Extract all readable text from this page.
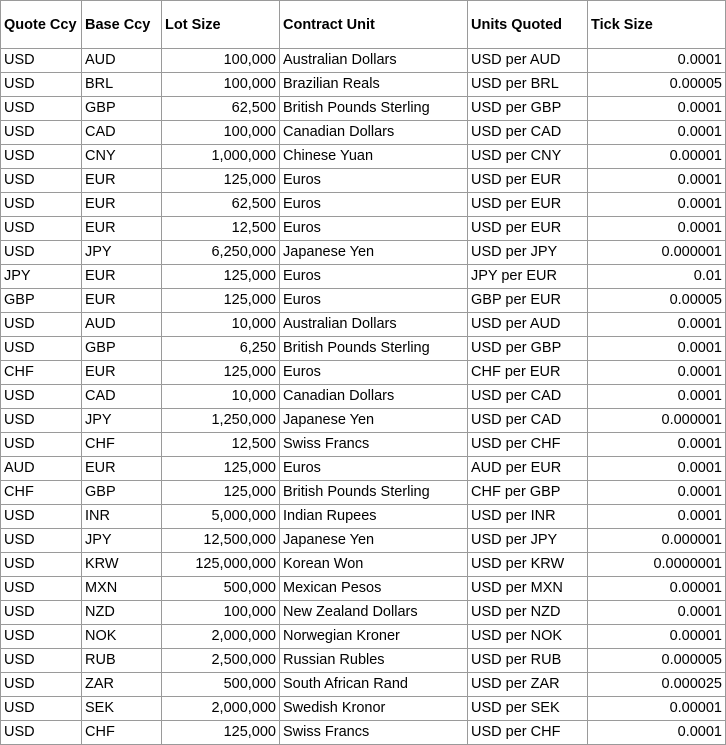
Quote Ccy	Base Ccy	Lot Size	Contract Unit	Units Quoted	Tick Size
USD	AUD	100,000	Australian Dollars	USD per AUD	0.0001
USD	BRL	100,000	Brazilian Reals	USD per BRL	0.00005
USD	GBP	62,500	British Pounds Sterling	USD per GBP	0.0001
USD	CAD	100,000	Canadian Dollars	USD per CAD	0.0001
USD	CNY	1,000,000	Chinese Yuan	USD per CNY	0.00001
USD	EUR	125,000	Euros	USD per EUR	0.0001
USD	EUR	62,500	Euros	USD per EUR	0.0001
USD	EUR	12,500	Euros	USD per EUR	0.0001
USD	JPY	6,250,000	Japanese Yen	USD per JPY	0.000001
JPY	EUR	125,000	Euros	JPY per EUR	0.01
GBP	EUR	125,000	Euros	GBP per EUR	0.00005
USD	AUD	10,000	Australian Dollars	USD per AUD	0.0001
USD	GBP	6,250	British Pounds Sterling	USD per GBP	0.0001
CHF	EUR	125,000	Euros	CHF per EUR	0.0001
USD	CAD	10,000	Canadian Dollars	USD per CAD	0.0001
USD	JPY	1,250,000	Japanese Yen	USD per CAD	0.000001
USD	CHF	12,500	Swiss Francs	USD per CHF	0.0001
AUD	EUR	125,000	Euros	AUD per EUR	0.0001
CHF	GBP	125,000	British Pounds Sterling	CHF per GBP	0.0001
USD	INR	5,000,000	Indian Rupees	USD per INR	0.0001
USD	JPY	12,500,000	Japanese Yen	USD per JPY	0.000001
USD	KRW	125,000,000	Korean Won	USD per KRW	0.0000001
USD	MXN	500,000	Mexican Pesos	USD per MXN	0.00001
USD	NZD	100,000	New Zealand Dollars	USD per NZD	0.0001
USD	NOK	2,000,000	Norwegian Kroner	USD per NOK	0.00001
USD	RUB	2,500,000	Russian Rubles	USD per RUB	0.000005
USD	ZAR	500,000	South African Rand	USD per ZAR	0.000025
USD	SEK	2,000,000	Swedish Kronor	USD per SEK	0.00001
USD	CHF	125,000	Swiss Francs	USD per CHF	0.0001
